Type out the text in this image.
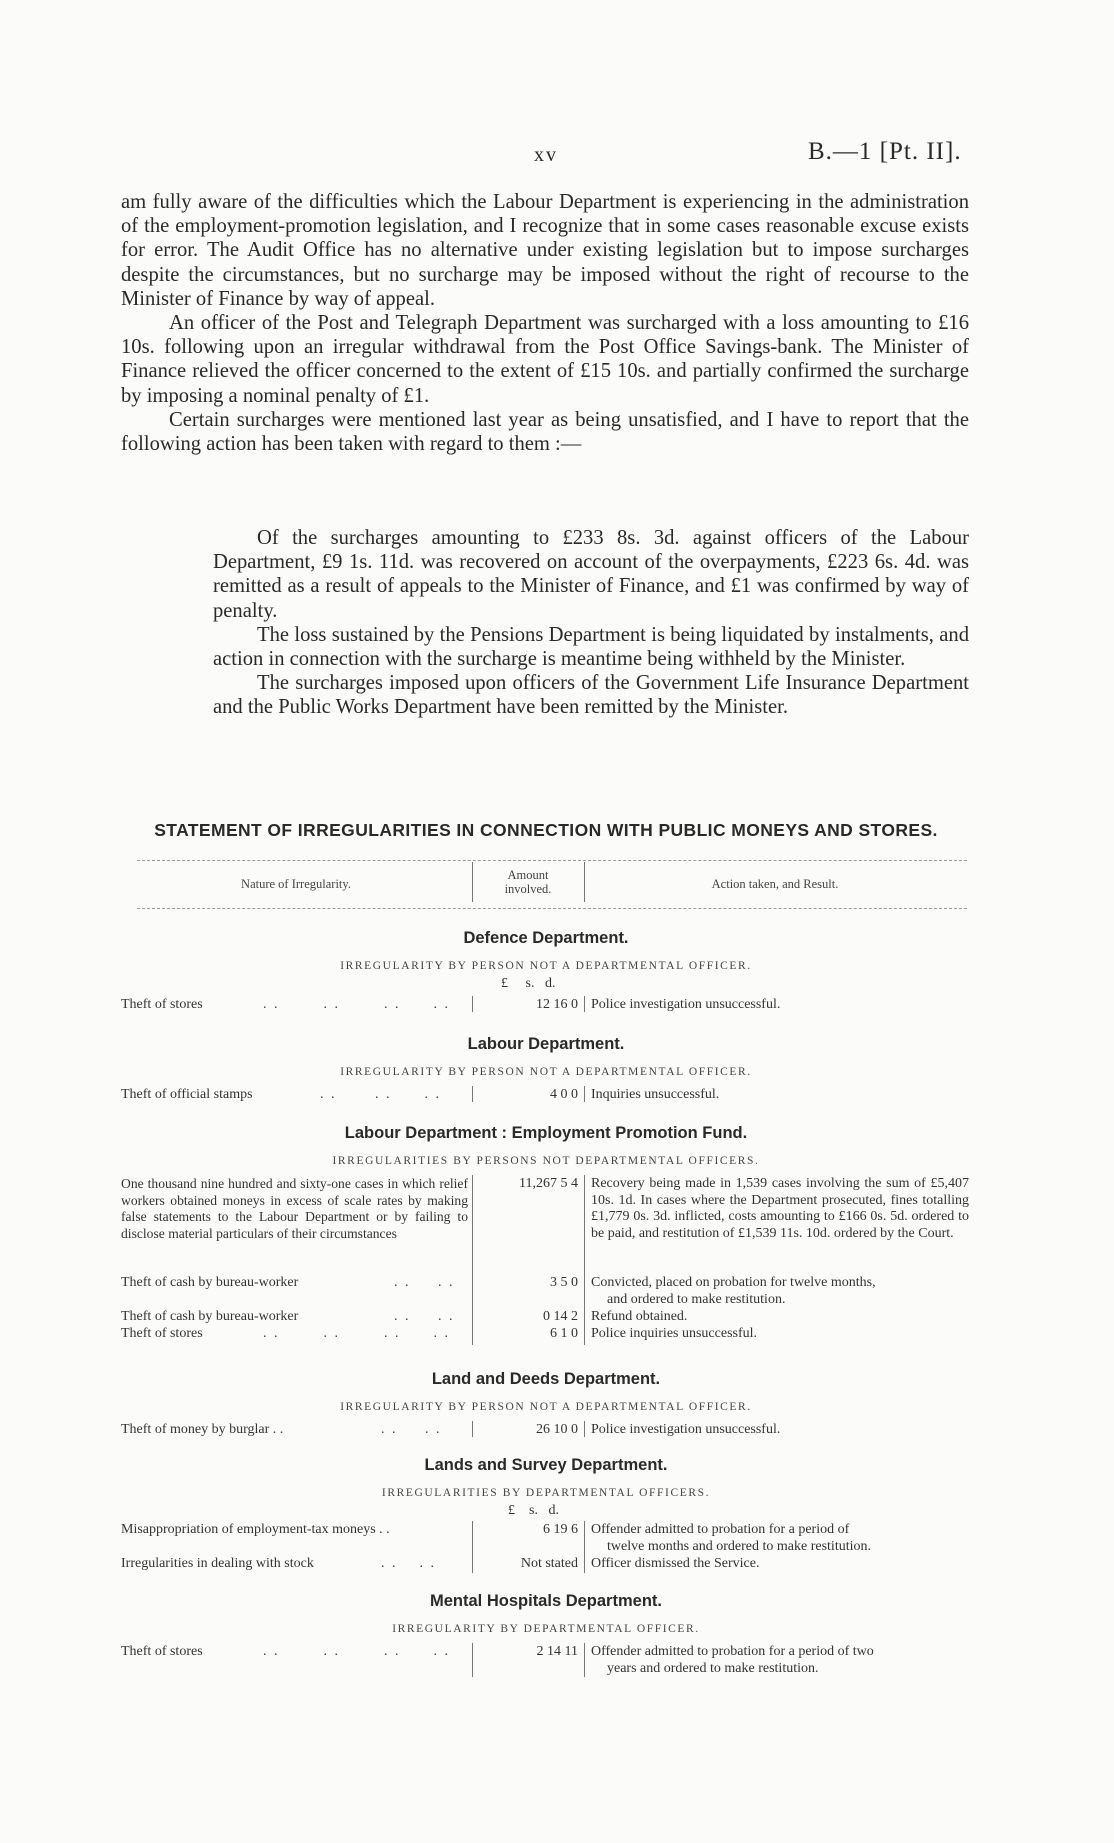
xv	B.—1 [Pt. II].

am fully aware of the difficulties which the Labour Department is experiencing in the administration of the employment-promotion legislation, and I recognize that in some cases reasonable excuse exists for error. The Audit Office has no alternative under existing legislation but to impose surcharges despite the circumstances, but no surcharge may be imposed without the right of recourse to the Minister of Finance by way of appeal.

An officer of the Post and Telegraph Department was surcharged with a loss amounting to £16 10s. following upon an irregular withdrawal from the Post Office Savings-bank. The Minister of Finance relieved the officer concerned to the extent of £15 10s. and partially confirmed the surcharge by imposing a nominal penalty of £1.

Certain surcharges were mentioned last year as being unsatisfied, and I have to report that the following action has been taken with regard to them :—

Of the surcharges amounting to £233 8s. 3d. against officers of the Labour Department, £9 1s. 11d. was recovered on account of the overpayments, £223 6s. 4d. was remitted as a result of appeals to the Minister of Finance, and £1 was confirmed by way of penalty.

The loss sustained by the Pensions Department is being liquidated by instalments, and action in connection with the surcharge is meantime being withheld by the Minister.

The surcharges imposed upon officers of the Government Life Insurance Department and the Public Works Department have been remitted by the Minister.

STATEMENT OF IRREGULARITIES IN CONNECTION WITH PUBLIC MONEYS AND STORES.
Nature of Irregularity.
Amount
involved.	Action taken, and Result.
Defence Department.
IRREGULARITY BY PERSON NOT A DEPARTMENTAL OFFICER.
£ s. d.
Theft of stores	. .        . .        . .      . .	12 16 0 Police investigation unsuccessful.
Labour Department.
IRREGULARITY BY PERSON NOT A DEPARTMENTAL OFFICER.
Theft of official stamps	. .       . .      . .	4 0 0 Inquiries unsuccessful.
Labour Department : Employment Promotion Fund.
IRREGULARITIES BY PERSONS NOT DEPARTMENTAL OFFICERS.
One thousand nine hundred and sixty-one cases in which relief workers obtained moneys in excess of scale rates by making false statements to the Labour Department or by failing to disclose material particulars of their circumstances
11,267 5 4 Recovery being made in 1,539 cases involving the sum of £5,407 10s. 1d. In cases where the Department prosecuted, fines totalling £1,779 0s. 3d. inflicted, costs amounting to £166 0s. 5d. ordered to be paid, and restitution of £1,539 11s. 10d. ordered by the Court.
Theft of cash by bureau-worker	. .     . .	3 5 0 Convicted, placed on probation for twelve months,
and ordered to make restitution.
Theft of cash by bureau-worker	. .     . .	0 14 2 Refund obtained.
Theft of stores	. .        . .        . .      . .	6 1 0 Police inquiries unsuccessful.
Land and Deeds Department.
IRREGULARITY BY PERSON NOT A DEPARTMENTAL OFFICER.
Theft of money by burglar . .	. .     . .	26 10 0 Police investigation unsuccessful.
Lands and Survey Department.
IRREGULARITIES BY DEPARTMENTAL OFFICERS.
£ s. d.
Misappropriation of employment-tax moneys . .	6 19 6 Offender admitted to probation for a period of
twelve months and ordered to make restitution.
Irregularities in dealing with stock	. .    . .	Not stated Officer dismissed the Service.
Mental Hospitals Department.
IRREGULARITY BY DEPARTMENTAL OFFICER.
Theft of stores	. .        . .        . .      . .	2 14 11 Offender admitted to probation for a period of two
years and ordered to make restitution.
